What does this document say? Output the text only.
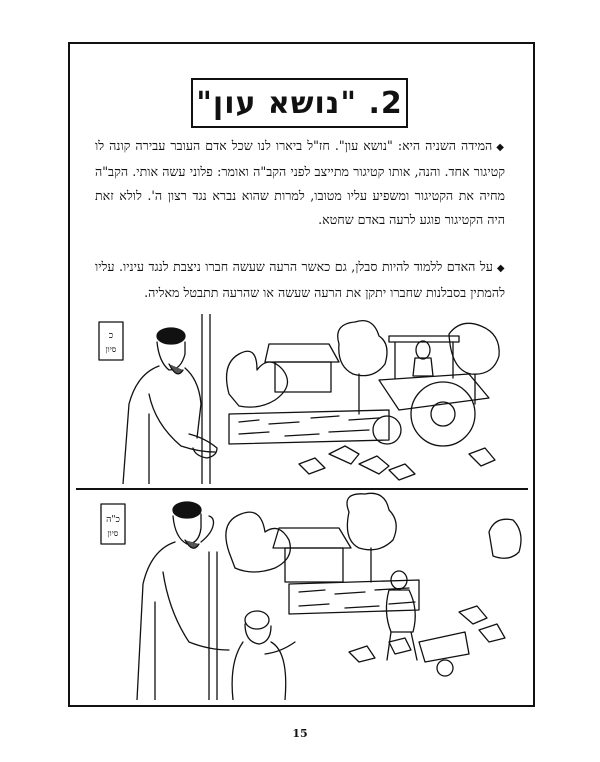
2. "נושא עון"
◆המידה השניה היא: "נושא עון". חז"ל ביארו לנו שכל אדם העובר עבירה קונה לו קטיגור אחד. והנה, אותו קטיגור מתייצב לפני הקב"ה ואומר: פלוני עשה אותי. הקב"ה מחיה את הקטיגור ומשפיע עליו מטובו, למרות שהוא נברא נגד רצון ה'. לולא זאת היה הקטיגור פוגע לרעה באדם שחטא.
◆על האדם ללמוד להיות סבלן, גם כאשר הרעה שעשה חברו ניצבת לנגד עיניו. עליו להמתין בסבלנות שחברו יתקן את הרעה שעשה או שהרעה תתבטל מאליה.
כ
סיון
כ"ה
סיון
15
